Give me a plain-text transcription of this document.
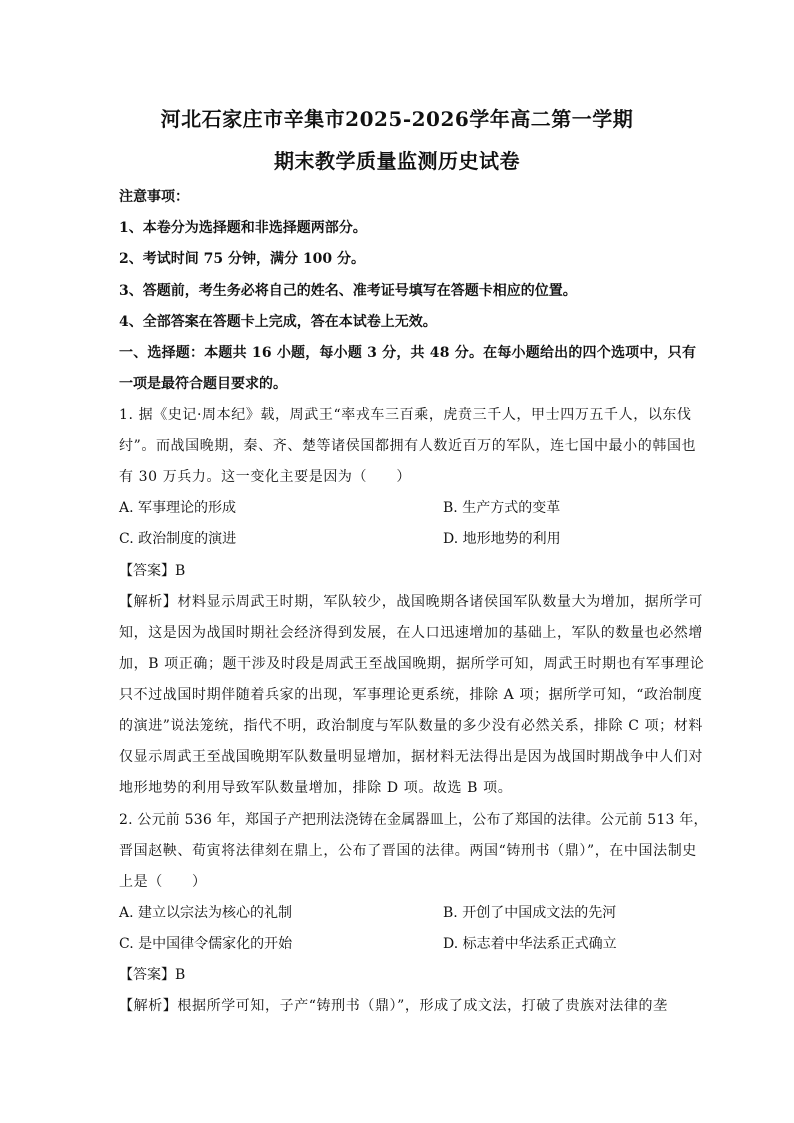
河北石家庄市辛集市2025-2026学年高二第一学期
期末教学质量监测历史试卷
注意事项：
1、本卷分为选择题和非选择题两部分。
2、考试时间 75 分钟，满分 100 分。
3、答题前，考生务必将自己的姓名、准考证号填写在答题卡相应的位置。
4、全部答案在答题卡上完成，答在本试卷上无效。
一、选择题：本题共 16 小题，每小题 3 分，共 48 分。在每小题给出的四个选项中，只有
一项是最符合题目要求的。
1. 据《史记·周本纪》载，周武王“率戎车三百乘，虎贲三千人，甲士四万五千人，以东伐
纣”。而战国晚期，秦、齐、楚等诸侯国都拥有人数近百万的军队，连七国中最小的韩国也
有 30 万兵力。这一变化主要是因为（　　）
A. 军事理论的形成	B. 生产方式的变革
C. 政治制度的演进	D. 地形地势的利用
【答案】B
【解析】材料显示周武王时期，军队较少，战国晚期各诸侯国军队数量大为增加，据所学可
知，这是因为战国时期社会经济得到发展，在人口迅速增加的基础上，军队的数量也必然增
加，B 项正确；题干涉及时段是周武王至战国晚期，据所学可知，周武王时期也有军事理论
只不过战国时期伴随着兵家的出现，军事理论更系统，排除 A 项；据所学可知，“政治制度
的演进”说法笼统，指代不明，政治制度与军队数量的多少没有必然关系，排除 C 项；材料
仅显示周武王至战国晚期军队数量明显增加，据材料无法得出是因为战国时期战争中人们对
地形地势的利用导致军队数量增加，排除 D 项。故选 B 项。
2. 公元前 536 年，郑国子产把刑法浇铸在金属器皿上，公布了郑国的法律。公元前 513 年，
晋国赵鞅、荀寅将法律刻在鼎上，公布了晋国的法律。两国“铸刑书（鼎）”，在中国法制史
上是（　　）
A. 建立以宗法为核心的礼制	B. 开创了中国成文法的先河
C. 是中国律令儒家化的开始	D. 标志着中华法系正式确立
【答案】B
【解析】根据所学可知，子产“铸刑书（鼎）”，形成了成文法，打破了贵族对法律的垄
